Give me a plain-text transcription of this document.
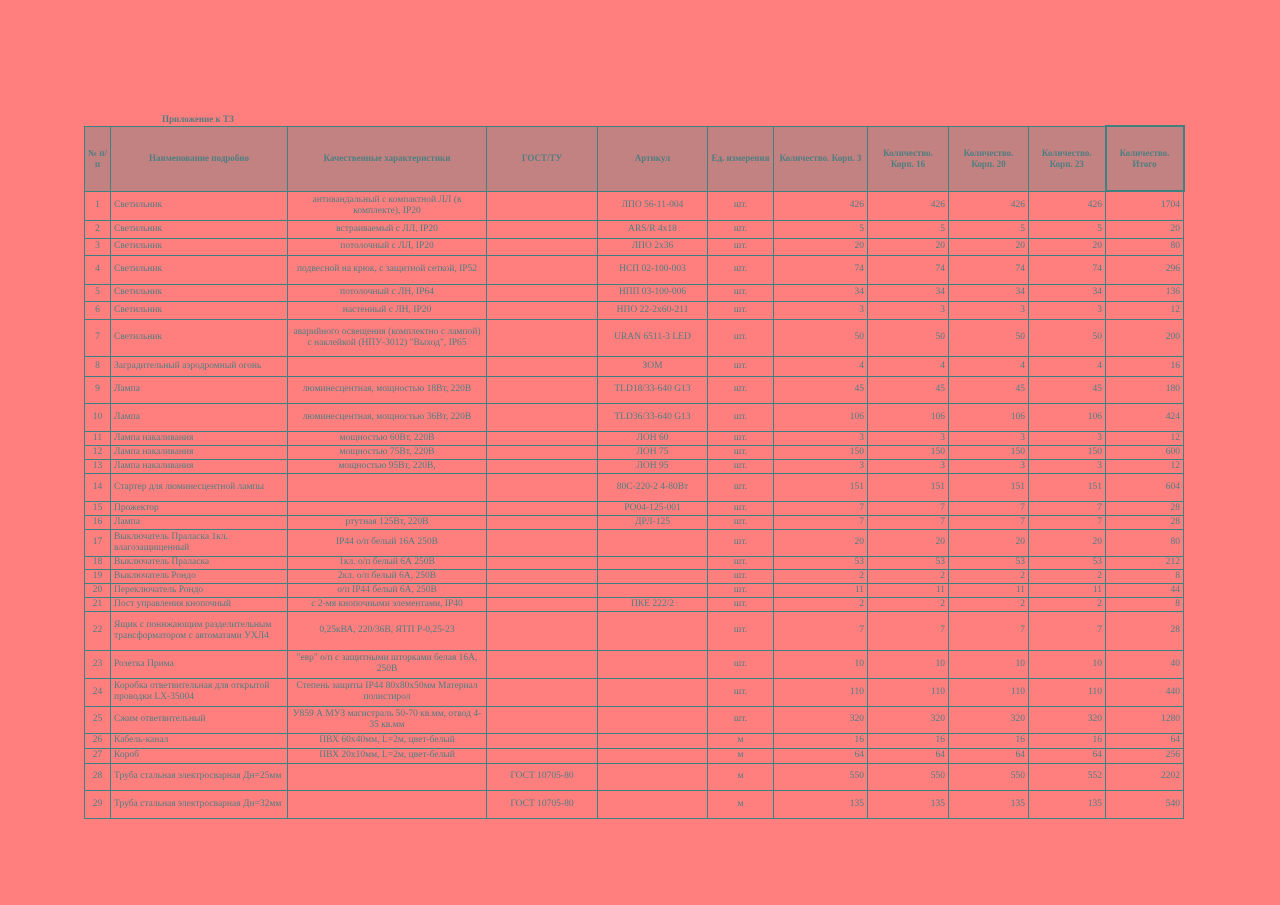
Приложение к ТЗ
№ п/п	Наименование подробно	Качественные характеристики	ГОСТ/ТУ	Артикул	Ед. измерения	Количество. Корп. 3	Количество. Корп. 16	Количество. Корп. 20	Количество. Корп. 23	Количество. Итого
1	Светильник	антивандальный с компактной ЛЛ (в комплекте), IP20		ЛПО 56-11-004	шт.	426	426	426	426	1704
2	Светильник	встраиваемый с ЛЛ, IP20		ARS/R 4x18	шт.	5	5	5	5	20
3	Светильник	потолочный с ЛЛ, IP20		ЛПО 2х36	шт.	20	20	20	20	80
4	Светильник	подвесной на крюк, с защитной сеткой, IP52		НСП 02-100-003	шт.	74	74	74	74	296
5	Светильник	потолочный с ЛН, IP64		НПП 03-100-006	шт.	34	34	34	34	136
6	Светильник	настенный с ЛН, IP20		НПО 22-2х60-211	шт.	3	3	3	3	12
7	Светильник	аварийного освещения (комплектно с лампой) с наклейкой (НПУ-3012) "Выход", IP65		URAN 6511-3 LED	шт.	50	50	50	50	200
8	Заградительный аэродромный огонь			ЗОМ	шт.	4	4	4	4	16
9	Лампа	люминесцентная, мощностью 18Вт, 220В		TLD18/33-640 G13	шт.	45	45	45	45	180
10	Лампа	люминесцентная, мощностью 36Вт, 220В		TLD36/33-640 G13	шт.	106	106	106	106	424
11	Лампа накаливания	мощностью 60Вт, 220В		ЛОН 60	шт.	3	3	3	3	12
12	Лампа накаливания	мощностью 75Вт, 220В		ЛОН 75	шт.	150	150	150	150	600
13	Лампа накаливания	мощностью 95Вт, 220В,		ЛОН 95	шт.	3	3	3	3	12
14	Стартер для люминесцентной лампы			80С-220-2 4-80Вт	шт.	151	151	151	151	604
15	Прожектор			РО04-125-001	шт.	7	7	7	7	28
16	Лампа	ртутная 125Вт, 220В		ДРЛ-125	шт.	7	7	7	7	28
17	Выключатель Праласка 1кл. влагозащищенный	IP44 о/п белый 16А 250В			шт.	20	20	20	20	80
18	Выключатель Праласка	1кл. о/п белый 6А 250В			шт.	53	53	53	53	212
19	Выключатель Рондо	2кл. о/п белый 6А, 250В			шт.	2	2	2	2	8
20	Переключатель Рондо	о/п IP44 белый 6А, 250В			шт.	11	11	11	11	44
21	Пост управления кнопочный	с 2-мя кнопочными элементами, IP40		ПКЕ 222/2	шт.	2	2	2	2	8
22	Ящик с понижающим разделительным трансформатором с автоматами УХЛ4	0,25кВА, 220/36В, ЯТП Р-0,25-23			шт.	7	7	7	7	28
23	Розетка Прима	"евр" о/п с защитными шторками белая 16А, 250В			шт.	10	10	10	10	40
24	Коробка ответвительная для открытой проводки LX-35004	Степень защиты IP44 80х80х50мм Материал полистирол			шт.	110	110	110	110	440
25	Сжим ответвительный	У859 А МУЗ магистраль 50-70 кв.мм, отвод 4-35 кв.мм			шт.	320	320	320	320	1280
26	Кабель-канал	ПВХ 60х40мм, L=2м, цвет-белый			м	16	16	16	16	64
27	Короб	ПВХ 20х10мм, L=2м, цвет-белый			м	64	64	64	64	256
28	Труба стальная электросварная Дн=25мм		ГОСТ 10705-80		м	550	550	550	552	2202
29	Труба стальная электросварная Дн=32мм		ГОСТ 10705-80		м	135	135	135	135	540
